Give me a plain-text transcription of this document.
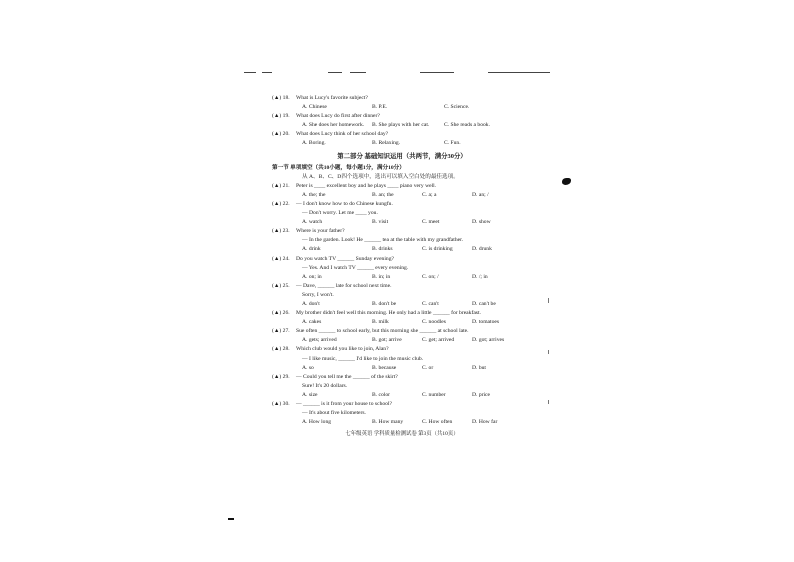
(▲) 18. What is Lucy's favorite subject?
A. Chinese	B. P.E.	C. Science.
(▲) 19. What does Lucy do first after dinner?
A. She does her homework. B. She plays with her cat.	C. She reads a book.
(▲) 20. What does Lucy think of her school day?
A. Boring.	B. Relaxing.	C. Fun.
第二部分 基础知识运用（共两节，满分30分）
第一节 单项填空（共10小题，每小题1分，满分10分）
从 A、B、C、D四个选项中，选出可以填入空白处的最佳选项。
(▲) 21. Peter is ____ excellent boy and he plays ____ piano very well.
A. the; the	B. an; the	C. a; a	D. an; /
(▲) 22. — I don't know how to do Chinese kungfu.
— Don't worry. Let me ____ you.
A. watch	B. visit	C. meet	D. show
(▲) 23. Where is your father?
— In the garden. Look! He ______ tea at the table with my grandfather.
A. drink	B. drinks	C. is drinking	D. drunk
(▲) 24. Do you watch TV ______ Sunday evening?
— Yes. And I watch TV ______ every evening.
A. on; in	B. in; in	C. on; /	D. /; in
(▲) 25. — Dave, ______ late for school next time.
Sorry, I won't.
A. don't	B. don't be	C. can't	D. can't be
(▲) 26. My brother didn't feel well this morning. He only had a little ______ for breakfast.
A. cakes	B. milk	C. noodles	D. tomatoes
(▲) 27. Sue often ______ to school early, but this morning she ______ at school late.
A. gets; arrived	B. got; arrive	C. get; arrived	D. got; arrives
(▲) 28. Which club would you like to join, Alan?
— I like music, ______ I'd like to join the music club.
A. so	B. because	C. or	D. but
(▲) 29. — Could you tell me the ______ of the skirt?
Sure! It's 20 dollars.
A. size	B. color	C. number	D. price
(▲) 30. — ______ is it from your house to school?
— It's about five kilometers.
A. How long	B. How many	C. How often	D. How far
七年级英语 学科质量检测试卷 第3页（共10页）
